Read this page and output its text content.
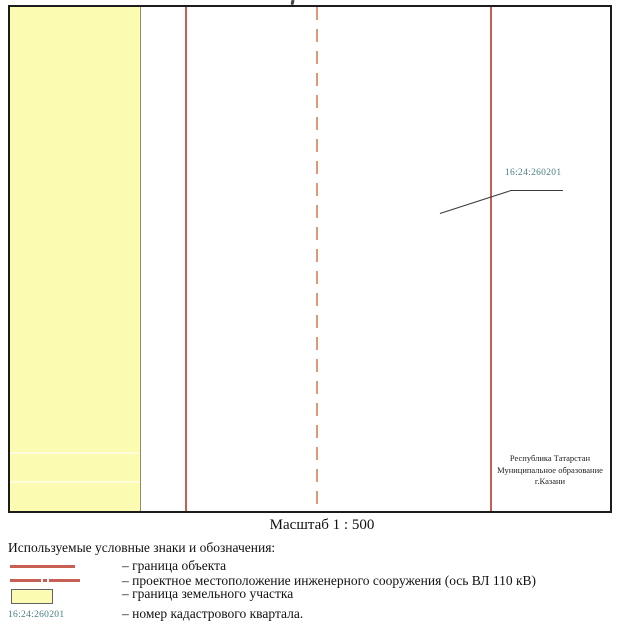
16:24:260201
Республика Татарстан
Муниципальное образование
г.Казани
Масштаб 1 : 500
Используемые условные знаки и обозначения:
– граница объекта
– проектное местоположение инженерного сооружения (ось ВЛ 110 кВ)
– граница земельного участка
16:24:260201	– номер кадастрового квартала.
